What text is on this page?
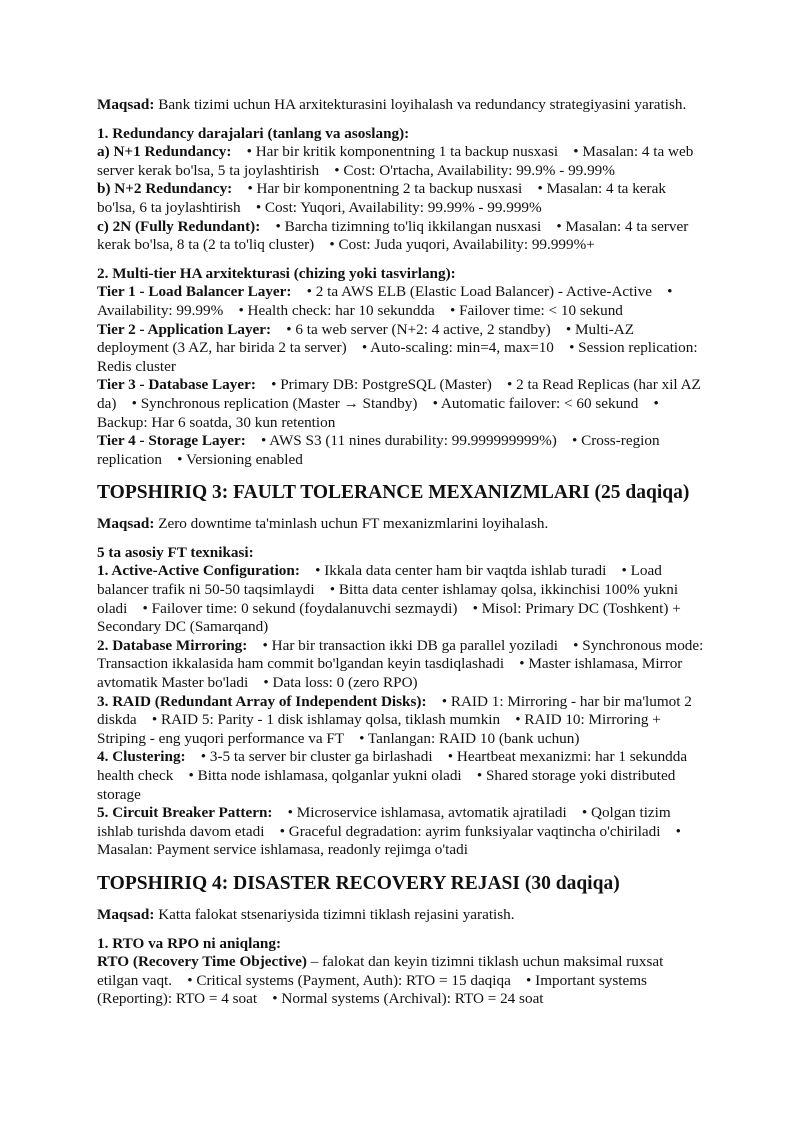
Maqsad: Bank tizimi uchun HA arxitekturasini loyihalash va redundancy strategiyasini yaratish.

1. Redundancy darajalari (tanlang va asoslang):

a) N+1 Redundancy:    • Har bir kritik komponentning 1 ta backup nusxasi    • Masalan: 4 ta web server kerak bo'lsa, 5 ta joylashtirish    • Cost: O'rtacha, Availability: 99.9% - 99.99%

b) N+2 Redundancy:    • Har bir komponentning 2 ta backup nusxasi    • Masalan: 4 ta kerak bo'lsa, 6 ta joylashtirish    • Cost: Yuqori, Availability: 99.99% - 99.999%

c) 2N (Fully Redundant):    • Barcha tizimning to'liq ikkilangan nusxasi    • Masalan: 4 ta server kerak bo'lsa, 8 ta (2 ta to'liq cluster)    • Cost: Juda yuqori, Availability: 99.999%+

2. Multi-tier HA arxitekturasi (chizing yoki tasvirlang):

Tier 1 - Load Balancer Layer:    • 2 ta AWS ELB (Elastic Load Balancer) - Active-Active    • Availability: 99.99%    • Health check: har 10 sekundda    • Failover time: < 10 sekund

Tier 2 - Application Layer:    • 6 ta web server (N+2: 4 active, 2 standby)    • Multi-AZ deployment (3 AZ, har birida 2 ta server)    • Auto-scaling: min=4, max=10    • Session replication: Redis cluster

Tier 3 - Database Layer:    • Primary DB: PostgreSQL (Master)    • 2 ta Read Replicas (har xil AZ da)    • Synchronous replication (Master → Standby)    • Automatic failover: < 60 sekund    • Backup: Har 6 soatda, 30 kun retention

Tier 4 - Storage Layer:    • AWS S3 (11 nines durability: 99.999999999%)    • Cross-region replication    • Versioning enabled

TOPSHIRIQ 3: FAULT TOLERANCE MEXANIZMLARI (25 daqiqa)

Maqsad: Zero downtime ta'minlash uchun FT mexanizmlarini loyihalash.

5 ta asosiy FT texnikasi:

1. Active-Active Configuration:    • Ikkala data center ham bir vaqtda ishlab turadi    • Load balancer trafik ni 50-50 taqsimlaydi    • Bitta data center ishlamay qolsa, ikkinchisi 100% yukni oladi    • Failover time: 0 sekund (foydalanuvchi sezmaydi)    • Misol: Primary DC (Toshkent) + Secondary DC (Samarqand)

2. Database Mirroring:    • Har bir transaction ikki DB ga parallel yoziladi    • Synchronous mode: Transaction ikkalasida ham commit bo'lgandan keyin tasdiqlashadi    • Master ishlamasa, Mirror avtomatik Master bo'ladi    • Data loss: 0 (zero RPO)

3. RAID (Redundant Array of Independent Disks):    • RAID 1: Mirroring - har bir ma'lumot 2 diskda    • RAID 5: Parity - 1 disk ishlamay qolsa, tiklash mumkin    • RAID 10: Mirroring + Striping - eng yuqori performance va FT    • Tanlangan: RAID 10 (bank uchun)

4. Clustering:    • 3-5 ta server bir cluster ga birlashadi    • Heartbeat mexanizmi: har 1 sekundda health check    • Bitta node ishlamasa, qolganlar yukni oladi    • Shared storage yoki distributed storage

5. Circuit Breaker Pattern:    • Microservice ishlamasa, avtomatik ajratiladi    • Qolgan tizim ishlab turishda davom etadi    • Graceful degradation: ayrim funksiyalar vaqtincha o'chiriladi    • Masalan: Payment service ishlamasa, readonly rejimga o'tadi

TOPSHIRIQ 4: DISASTER RECOVERY REJASI (30 daqiqa)

Maqsad: Katta falokat stsenariysida tizimni tiklash rejasini yaratish.

1. RTO va RPO ni aniqlang:

RTO (Recovery Time Objective) – falokat dan keyin tizimni tiklash uchun maksimal ruxsat etilgan vaqt.    • Critical systems (Payment, Auth): RTO = 15 daqiqa    • Important systems (Reporting): RTO = 4 soat    • Normal systems (Archival): RTO = 24 soat
